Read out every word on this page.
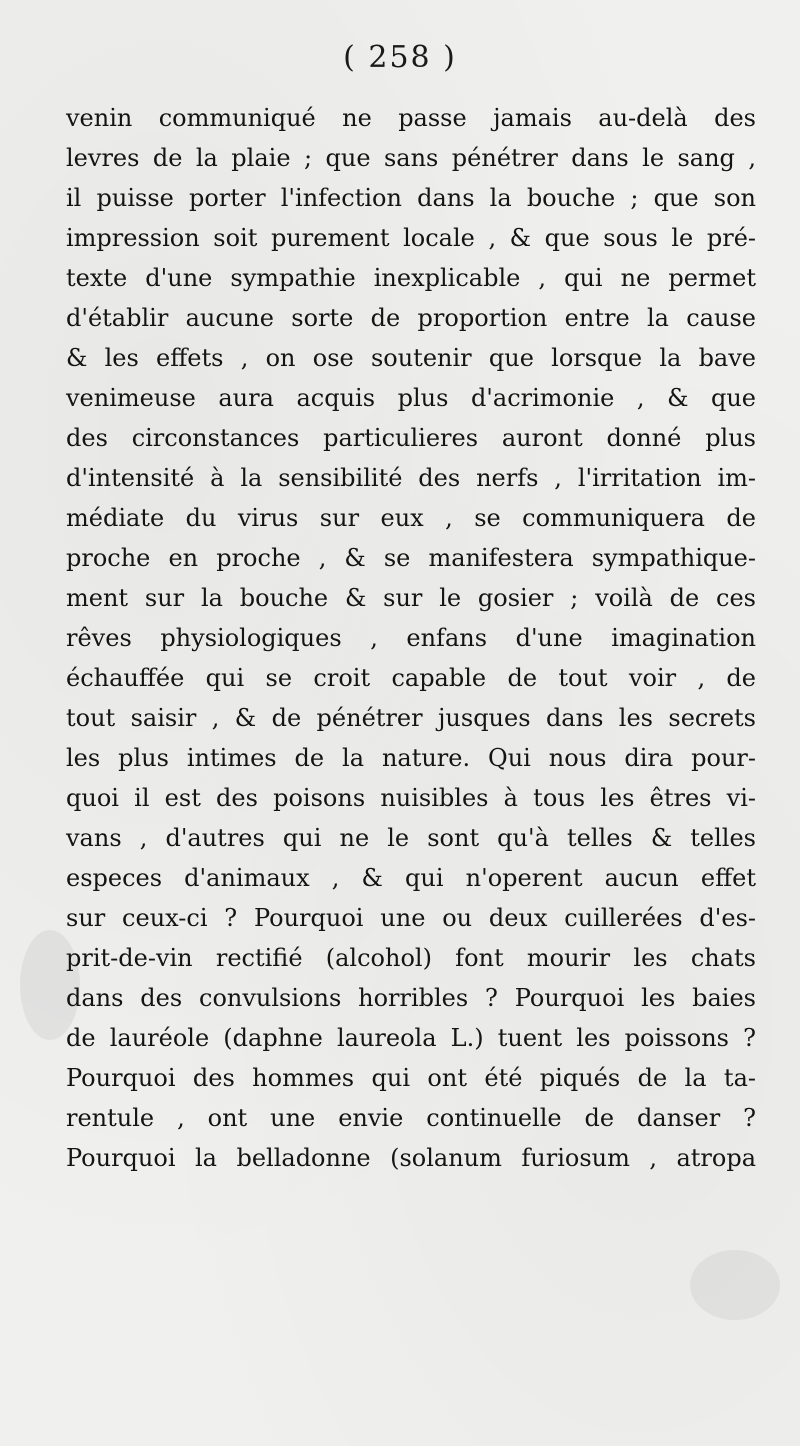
( 258 )
venin communiqué ne passe jamais au-delà des
levres de la plaie ; que sans pénétrer dans le sang ,
il puisse porter l'infection dans la bouche ; que son
impression soit purement locale , & que sous le pré-
texte d'une sympathie inexplicable , qui ne permet
d'établir aucune sorte de proportion entre la cause
& les effets , on ose soutenir que lorsque la bave
venimeuse aura acquis plus d'acrimonie , & que
des circonstances particulieres auront donné plus
d'intensité à la sensibilité des nerfs , l'irritation im-
médiate du virus sur eux , se communiquera de
proche en proche , & se manifestera sympathique-
ment sur la bouche & sur le gosier ; voilà de ces
rêves physiologiques , enfans d'une imagination
échauffée qui se croit capable de tout voir , de
tout saisir , & de pénétrer jusques dans les secrets
les plus intimes de la nature. Qui nous dira pour-
quoi il est des poisons nuisibles à tous les êtres vi-
vans , d'autres qui ne le sont qu'à telles & telles
especes d'animaux , & qui n'operent aucun effet
sur ceux-ci ? Pourquoi une ou deux cuillerées d'es-
prit-de-vin rectifié (alcohol) font mourir les chats
dans des convulsions horribles ? Pourquoi les baies
de lauréole (daphne laureola L.) tuent les poissons ?
Pourquoi des hommes qui ont été piqués de la ta-
rentule , ont une envie continuelle de danser ?
Pourquoi la belladonne (solanum furiosum , atropa
